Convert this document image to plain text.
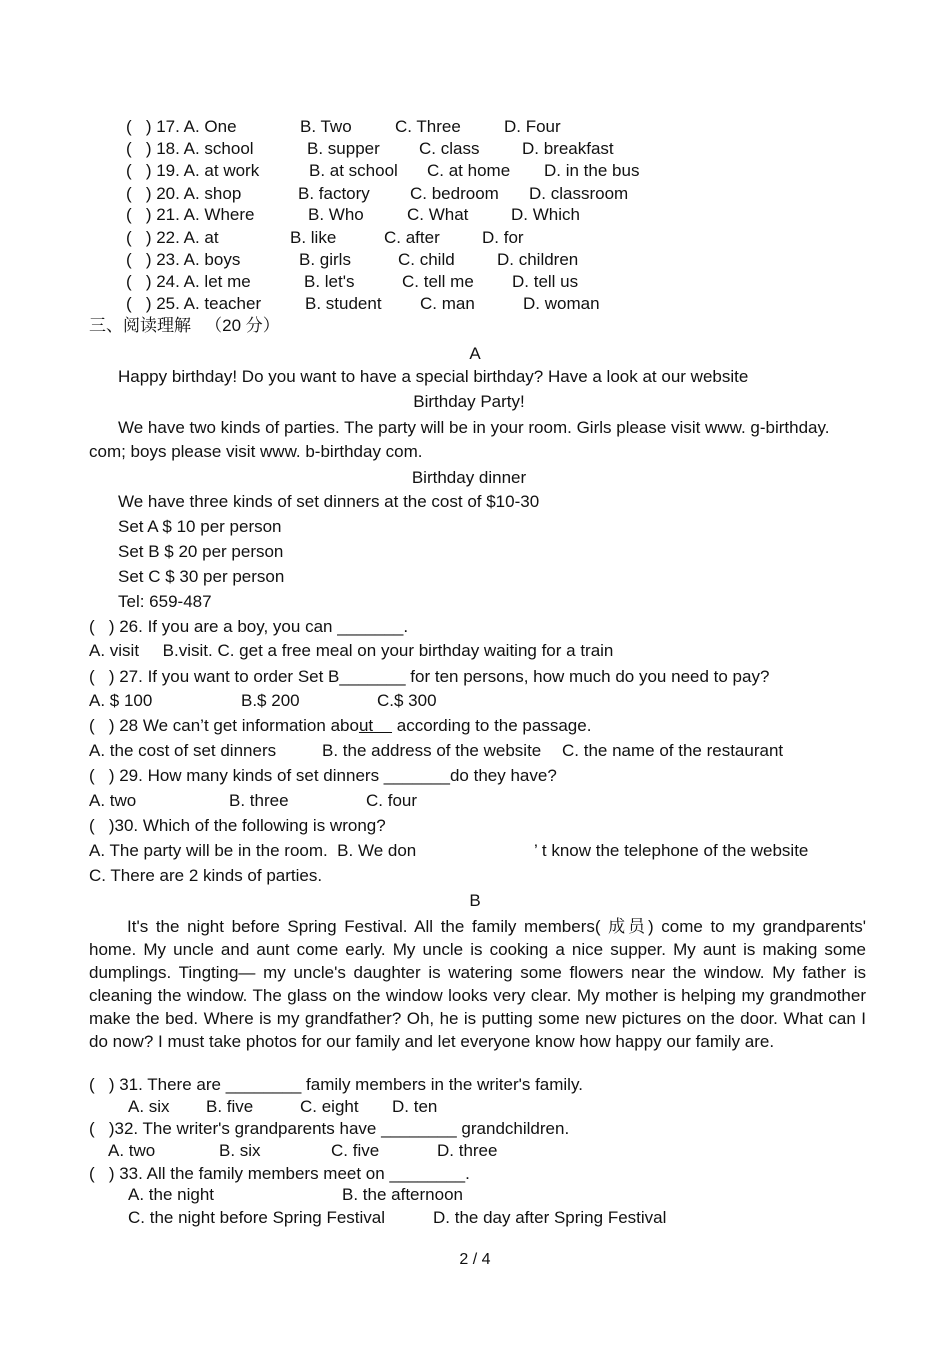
(   ) 17. A. One	B. Two	C. Three	D. Four
(   ) 18. A. school	B. supper C. class	D. breakfast
(   ) 19. A. at work	B. at school C. at home D. in the bus
(   ) 20. A. shop	B. factory C. bedroom D. classroom
(   ) 21. A. Where	B. Who	C. What	D. Which
(   ) 22. A. at	B. like	C. after D. for
(   ) 23. A. boys	B. girls	C. child D. children
(   ) 24. A. let me	B. let's	C. tell me D. tell us
(   ) 25. A. teacher	B. student C. man	D. woman
三、阅读理解   （20 分）
A
Happy birthday! Do you want to have a special birthday? Have a look at our website
Birthday Party!
We have two kinds of parties. The party will be in your room. Girls please visit www. g-birthday.
com; boys please visit www. b-birthday com.
Birthday dinner
We have three kinds of set dinners at the cost of $10-30
Set A $ 10 per person
Set B $ 20 per person
Set C $ 30 per person
Tel: 659-487
(   ) 26. If you are a boy, you can _______.
A. visit     B.visit. C. get a free meal on your birthday waiting for a train
(   ) 27. If you want to order Set B_______ for ten persons, how much do you need to pay?
A. $ 100	B.$ 200	C.$ 300
(   ) 28 We can’t get information about     according to the passage.
A. the cost of set dinners	B. the address of the website C. the name of the restaurant
(   ) 29. How many kinds of set dinners _______do they have?
A. two	B. three	C. four
(   )30. Which of the following is wrong?
A. The party will be in the room.  B. We don	’ t know the telephone of the website
C. There are 2 kinds of parties.
B
It's the night before Spring Festival. All the family members( 成员) come to my grandparents' home. My uncle and aunt come early. My uncle is cooking a nice supper. My aunt is making some dumplings. Tingting— my uncle's daughter is watering some flowers near the window. My father is cleaning the window. The glass on the window looks very clear. My mother is helping my grandmother make the bed. Where is my grandfather? Oh, he is putting some new pictures on the door. What can I do now? I must take photos for our family and let everyone know how happy our family are.
(   ) 31. There are ________ family members in the writer's family.
A. six B. five	C. eight D. ten
(   )32. The writer's grandparents have ________ grandchildren.
A. two	B. six	C. five	D. three
(   ) 33. All the family members meet on ________.
A. the night	B. the afternoon
C. the night before Spring Festival	D. the day after Spring Festival
2 / 4
